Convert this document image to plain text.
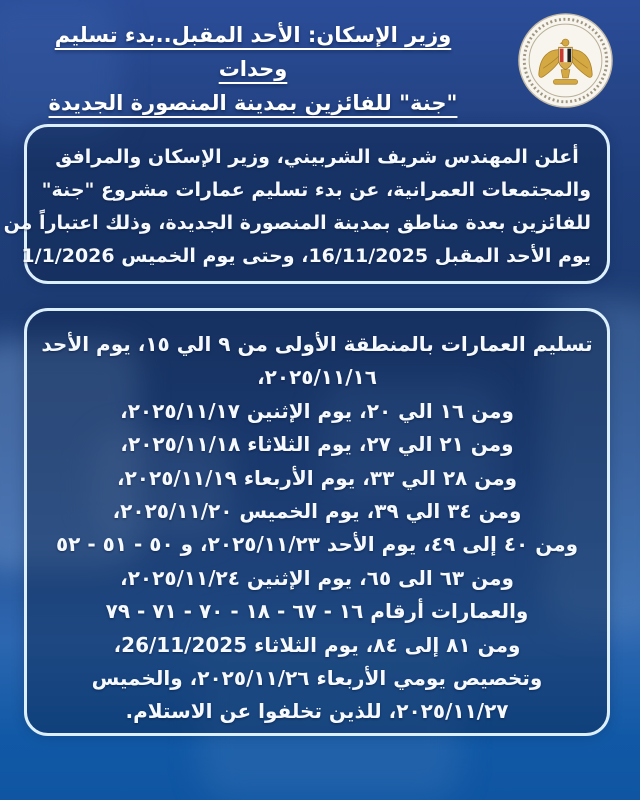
وزير الإسكان: الأحد المقبل..بدء تسليم وحدات
"جنة" للفائزين بمدينة المنصورة الجديدة
أعلن المهندس شريف الشربيني، وزير الإسكان والمرافق
والمجتمعات العمرانية، عن بدء تسليم عمارات مشروع "جنة"
للفائزين بعدة مناطق بمدينة المنصورة الجديدة، وذلك اعتباراً من
يوم الأحد المقبل 16/11/2025، وحتى يوم الخميس 1/1/2026
تسليم العمارات بالمنطقة الأولى من ٩ الي ١٥، يوم الأحد
٢٠٢٥/١١/١٦،
ومن ١٦ الي ٢٠، يوم الإثنين ٢٠٢٥/١١/١٧،
ومن ٢١ الي ٢٧، يوم الثلاثاء ٢٠٢٥/١١/١٨،
ومن ٢٨ الي ٣٣، يوم الأربعاء ٢٠٢٥/١١/١٩،
ومن ٣٤ الي ٣٩، يوم الخميس ٢٠٢٥/١١/٢٠،
ومن ٤٠ إلى ٤٩، يوم الأحد ٢٠٢٥/١١/٢٣، و ٥٠ - ٥١ - ٥٢
ومن ٦٣ الى ٦٥، يوم الإثنين ٢٠٢٥/١١/٢٤،
والعمارات أرقام ١٦ - ٦٧ - ١٨ - ٧٠ - ٧١ - ٧٩
ومن ٨١ إلى ٨٤، يوم الثلاثاء 26/11/2025،
وتخصيص يومي الأربعاء ٢٠٢٥/١١/٢٦، والخميس
٢٠٢٥/١١/٢٧، للذين تخلفوا عن الاستلام.
